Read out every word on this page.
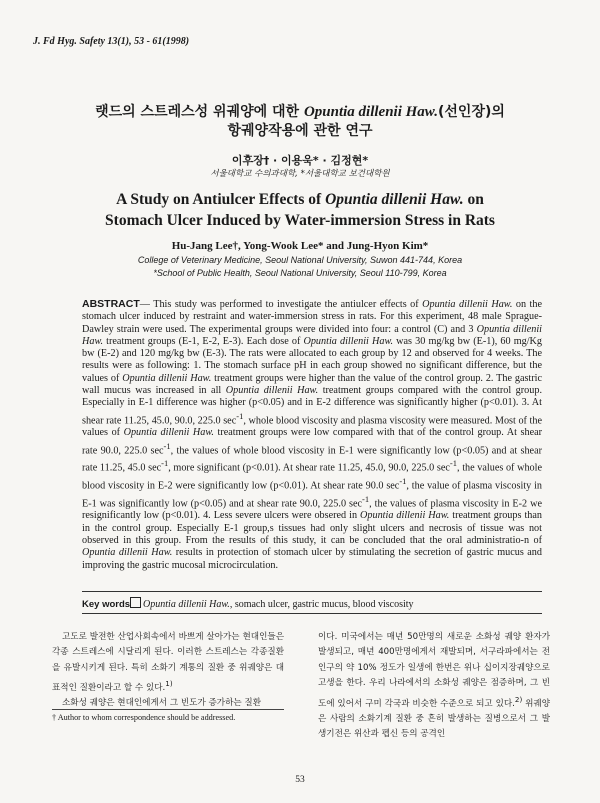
J. Fd Hyg. Safety 13(1), 53 - 61(1998)
랫드의 스트레스성 위궤양에 대한 Opuntia dillenii Haw.(선인장)의
항궤양작용에 관한 연구
이후장† · 이용욱* · 김정현*
서울대학교 수의과대학, *서울대학교 보건대학원
A Study on Antiulcer Effects of Opuntia dillenii Haw. on
Stomach Ulcer Induced by Water-immersion Stress in Rats
Hu-Jang Lee†, Yong-Wook Lee* and Jung-Hyon Kim*
College of Veterinary Medicine, Seoul National University, Suwon 441-744, Korea
*School of Public Health, Seoul National University, Seoul 110-799, Korea
ABSTRACT— This study was performed to investigate the antiulcer effects of Opuntia dillenii Haw. on the stomach ulcer induced by restraint and water-immersion stress in rats. For this experiment, 48 male Sprague-Dawley strain were used. The experimental groups were divided into four: a control (C) and 3 Opuntia dillenii Haw. treatment groups (E-1, E-2, E-3). Each dose of Opuntia dillenii Haw. was 30 mg/kg bw (E-1), 60 mg/Kg bw (E-2) and 120 mg/kg bw (E-3). The rats were allocated to each group by 12 and observed for 4 weeks. The results were as following: 1. The stomach surface pH in each group showed no significant difference, but the values of Opuntia dillenii Haw. treatment groups were higher than the value of the control group. 2. The gastric wall mucus was increased in all Opuntia dillenii Haw. treatment groups compared with the control group. Especially in E-1 difference was higher (p<0.05) and in E-2 difference was significantly higher (p<0.01). 3. At shear rate 11.25, 45.0, 90.0, 225.0 $\sec^{-1}$, whole blood viscosity and plasma viscosity were measured. Most of the values of Opuntia dillenii Haw. treatment groups were low compared with that of the control group. At shear rate 90.0, 225.0 $\sec^{-1}$, the values of whole blood viscosity in E-1 were significantly low (p<0.05) and at shear rate 11.25, 45.0 $\sec^{-1}$, more significant (p<0.01). At shear rate 11.25, 45.0, 90.0, 225.0 $\sec^{-1}$, the values of whole blood viscosity in E-2 were significantly low (p<0.01). At shear rate 90.0 $\sec^{-1}$, the value of plasma viscosity in E-1 was significantly low (p<0.05) and at shear rate 90.0, 225.0 $\sec^{-1}$, the values of plasma viscosity in E-2 we resignificantly low (p<0.01). 4. Less severe ulcers were obsered in Opuntia dillenii Haw. treatment groups than in the control group. Especially E-1 group,s tissues had only slight ulcers and necrosis of tissue was not observed in this group. From the results of this study, it can be concluded that the oral administratio-n of Opuntia dillenii Haw. results in protection of stomach ulcer by stimulating the secretion of gastric mucus and improving the gastric mucosal microcirculation.
Key words Opuntia dillenii Haw., somach ulcer, gastric mucus, blood viscosity

고도로 발전한 산업사회속에서 바쁘게 살아가는 현대인들은 각종 스트레스에 시달리게 된다. 이러한 스트레스는 각종질환을 유발시키게 된다. 특히 소화기 계통의 질환 중 위궤양은 대표적인 질환이라고 할 수 있다.$^{1)}$

소화성 궤양은 현대인에게서 그 빈도가 증가하는 질환

† Author to whom correspondence should be addressed.

이다. 미국에서는 매년 50만명의 새로운 소화성 궤양 환자가 발생되고, 매년 400만명에게서 재발되며, 서구라파에서는 전 인구의 약 10% 정도가 일생에 한번은 위나 십이지장궤양으로 고생을 한다. 우리 나라에서의 소화성 궤양은 점증하며, 그 빈도에 있어서 구미 각국과 비슷한 수준으로 되고 있다.$^{2)}$ 위궤양은 사람의 소화기계 질환 중 흔히 발생하는 질병으로서 그 발생기전은 위산과 펩신 등의 공격인

53
